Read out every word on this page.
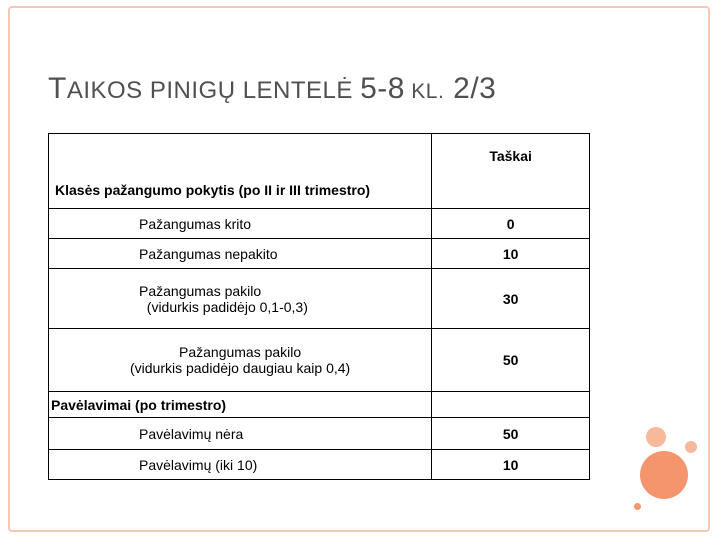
TAIKOS PINIGŲ LENTELĖ 5-8 KL. 2/3
Klasės pažangumo pokytis (po II ir III trimestro)	Taškai
Pažangumas krito	0
Pažangumas nepakito	10
Pažangumas pakilo
(vidurkis padidėjo 0,1-0,3)	30
Pažangumas pakilo
(vidurkis padidėjo daugiau kaip 0,4)	50
Pavėlavimai (po trimestro)	
Pavėlavimų nėra	50
Pavėlavimų (iki 10)	10
